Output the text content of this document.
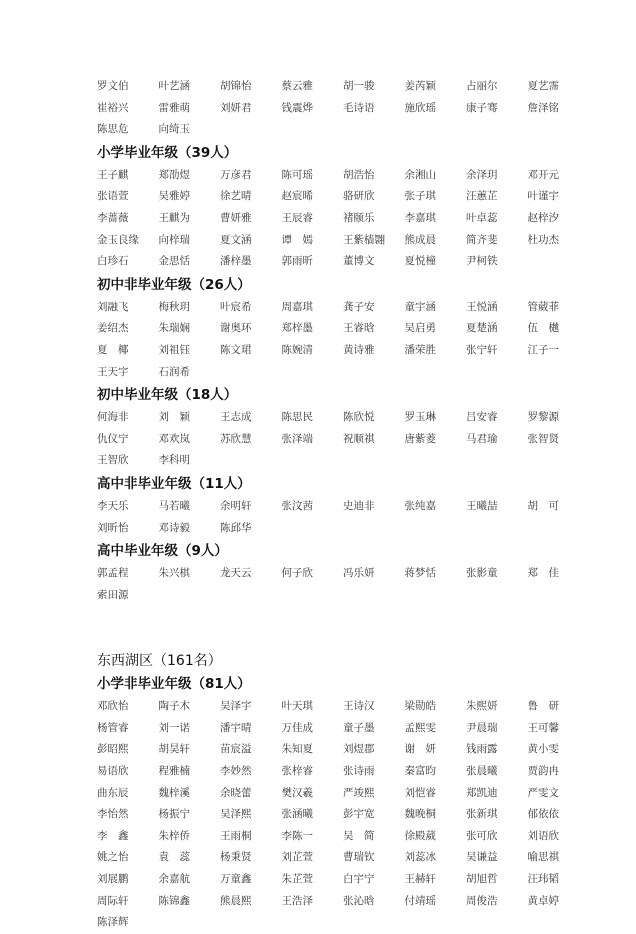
罗文伯	叶艺涵	胡锦怡	蔡云雅	胡一骏	姜芮颖	占丽尔	夏艺霈
崔裕兴	雷雅萌	刘妍君	钱震烨	毛诗语	施欣瑶	康子骞	詹泽铭
陈思危	向绮玉
小学毕业年级（39人）
王子麒	郑劭煜	万彦君	陈可瑶	胡浩怡	余湘山	余泽玥	邓开元
张语萱	吴雅婷	徐艺晴	赵宸晞	骆研欣	张子琪	汪蕙芷	叶谨宇
李蔷薇	王麒为	曹妍雅	王辰睿	褚颐乐	李嘉琪	叶卓蕊	赵梓汐
金玉良缘	向梓瑞	夏文涵	谭　嫣	王紫樯翾	熊成晨	简齐斐	杜功杰
白珍石	金思恬	潘梓墨	郭雨昕	董博文	夏悦橦	尹柯铁
初中非毕业年级（26人）
刘融飞	梅秋玥	叶宸希	周嘉琪	龚子安	童宇涵	王悦涵	管葳菲
姜绍杰	朱瑞娴	谢奥环	郑梓墨	王睿晗	吴启勇	夏楚涵	伍　樾
夏　椰	刘祖钰	陈文珺	陈婉清	黄诗雅	潘荣胜	张宁轩	江子一
王天宇	石润希
初中毕业年级（18人）
何海非	刘　颖	王志成	陈思民	陈欣悦	罗玉琳	吕安睿	罗黎源
仇仪宁	邓欢岚	苏欣慧	张泽端	祝顺祺	唐紫菱	马君瑜	张智贤
王智欣	李科明
高中非毕业年级（11人）
李天乐	马若曦	余明轩	张汶茜	史迪非	张纯嘉	王曦喆	胡　可
刘昕怡	邓诗毅	陈邱华
高中毕业年级（9人）
郭孟程	朱兴棋	龙天云	何子欣	冯乐妍	蒋梦恬	张影童	郑　佳
索田源
东西湖区（161名）
小学非毕业年级（81人）
邓欣怡	陶子木	吴泽宇	叶天琪	王诗汉	梁勋皓	朱熙妍	鲁　研
杨管睿	刘一诺	潘宇晴	万佳成	童子墨	孟熙雯	尹晨瑞	王可馨
彭昭熙	胡昊轩	苗宸溢	朱知夏	刘煜郡	谢　妍	钱雨露	黄小雯
易语欣	程雅楠	李妙然	张梓睿	张诗雨	秦富昀	张晨曦	贾韵冉
曲东辰	魏梓溪	余晓蕾	樊汉羲	严竣熙	刘恺睿	郑凯迪	严雯文
李怡然	杨振宁	吴泽熙	张涵曦	彭宇宽	魏晚桐	张新琪	郁依依
李　鑫	朱梓侨	王雨桐	李陈一	吴　简	徐殿葳	张可欣	刘语欣
姚之怡	袁　蕊	杨秉贤	刘芷萱	曹瑞钦	刘蕊冰	吴谦益	喻思祺
刘展鹏	余嘉航	万童鑫	朱芷萱	白宇宁	王赫轩	胡旭哲	汪玮韬
周际轩	陈锦鑫	熊晨熙	王浩泽	张沁晗	付靖瑶	周俊浩	黄卓婷
陈泽辉
